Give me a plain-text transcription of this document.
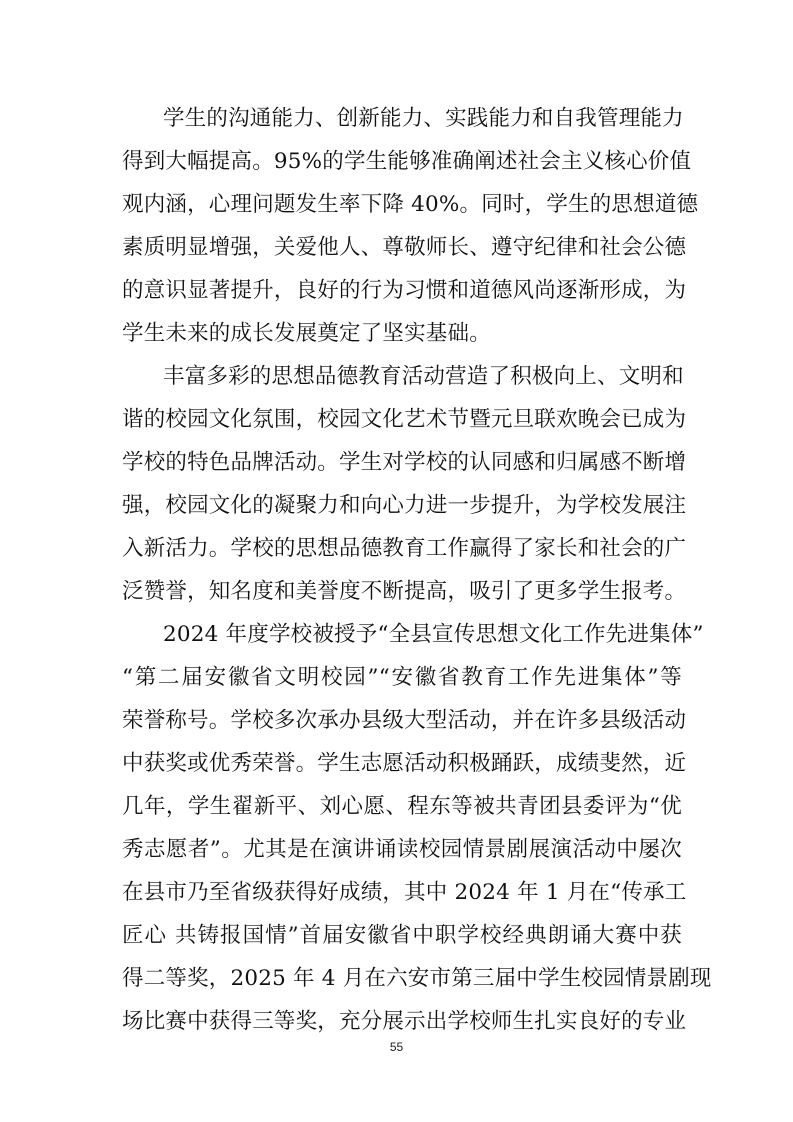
学生的沟通能力、创新能力、实践能力和自我管理能力
得到大幅提高。95%的学生能够准确阐述社会主义核心价值
观内涵，心理问题发生率下降 40%。同时，学生的思想道德
素质明显增强，关爱他人、尊敬师长、遵守纪律和社会公德
的意识显著提升，良好的行为习惯和道德风尚逐渐形成，为
学生未来的成长发展奠定了坚实基础。
丰富多彩的思想品德教育活动营造了积极向上、文明和
谐的校园文化氛围，校园文化艺术节暨元旦联欢晚会已成为
学校的特色品牌活动。学生对学校的认同感和归属感不断增
强，校园文化的凝聚力和向心力进一步提升，为学校发展注
入新活力。学校的思想品德教育工作赢得了家长和社会的广
泛赞誉，知名度和美誉度不断提高，吸引了更多学生报考。
2024 年度学校被授予“全县宣传思想文化工作先进集体”
“第二届安徽省文明校园”“安徽省教育工作先进集体”等
荣誉称号。学校多次承办县级大型活动，并在许多县级活动
中获奖或优秀荣誉。学生志愿活动积极踊跃，成绩斐然，近
几年，学生翟新平、刘心愿、程东等被共青团县委评为“优
秀志愿者”。尤其是在演讲诵读校园情景剧展演活动中屡次
在县市乃至省级获得好成绩，其中 2024 年 1 月在“传承工
匠心 共铸报国情”首届安徽省中职学校经典朗诵大赛中获
得二等奖，2025 年 4 月在六安市第三届中学生校园情景剧现
场比赛中获得三等奖，充分展示出学校师生扎实良好的专业
55
